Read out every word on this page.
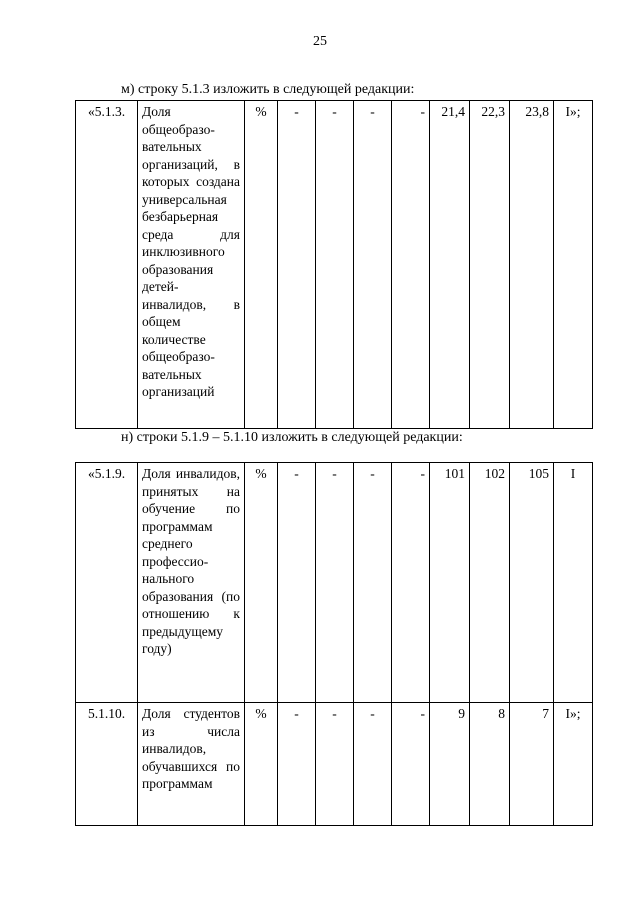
25
м) строку 5.1.3 изложить в следующей редакции:
«5.1.3.	Доля общеобразо-вательных организаций, в которых создана универсальная безбарьерная среда для инклюзивного образования детей-инвалидов, в общем количестве общеобразо-вательных организаций	%	-	-	-	-	21,4	22,3	23,8	I»;
н) строки 5.1.9 – 5.1.10 изложить в следующей редакции:
«5.1.9.	Доля инвалидов, принятых на обучение по программам среднего профессио-нального образования (по отношению к предыдущему году)	%	-	-	-	-	101	102	105	I
5.1.10.	Доля студентов из числа инвалидов, обучавшихся по программам	%	-	-	-	-	9	8	7	I»;
